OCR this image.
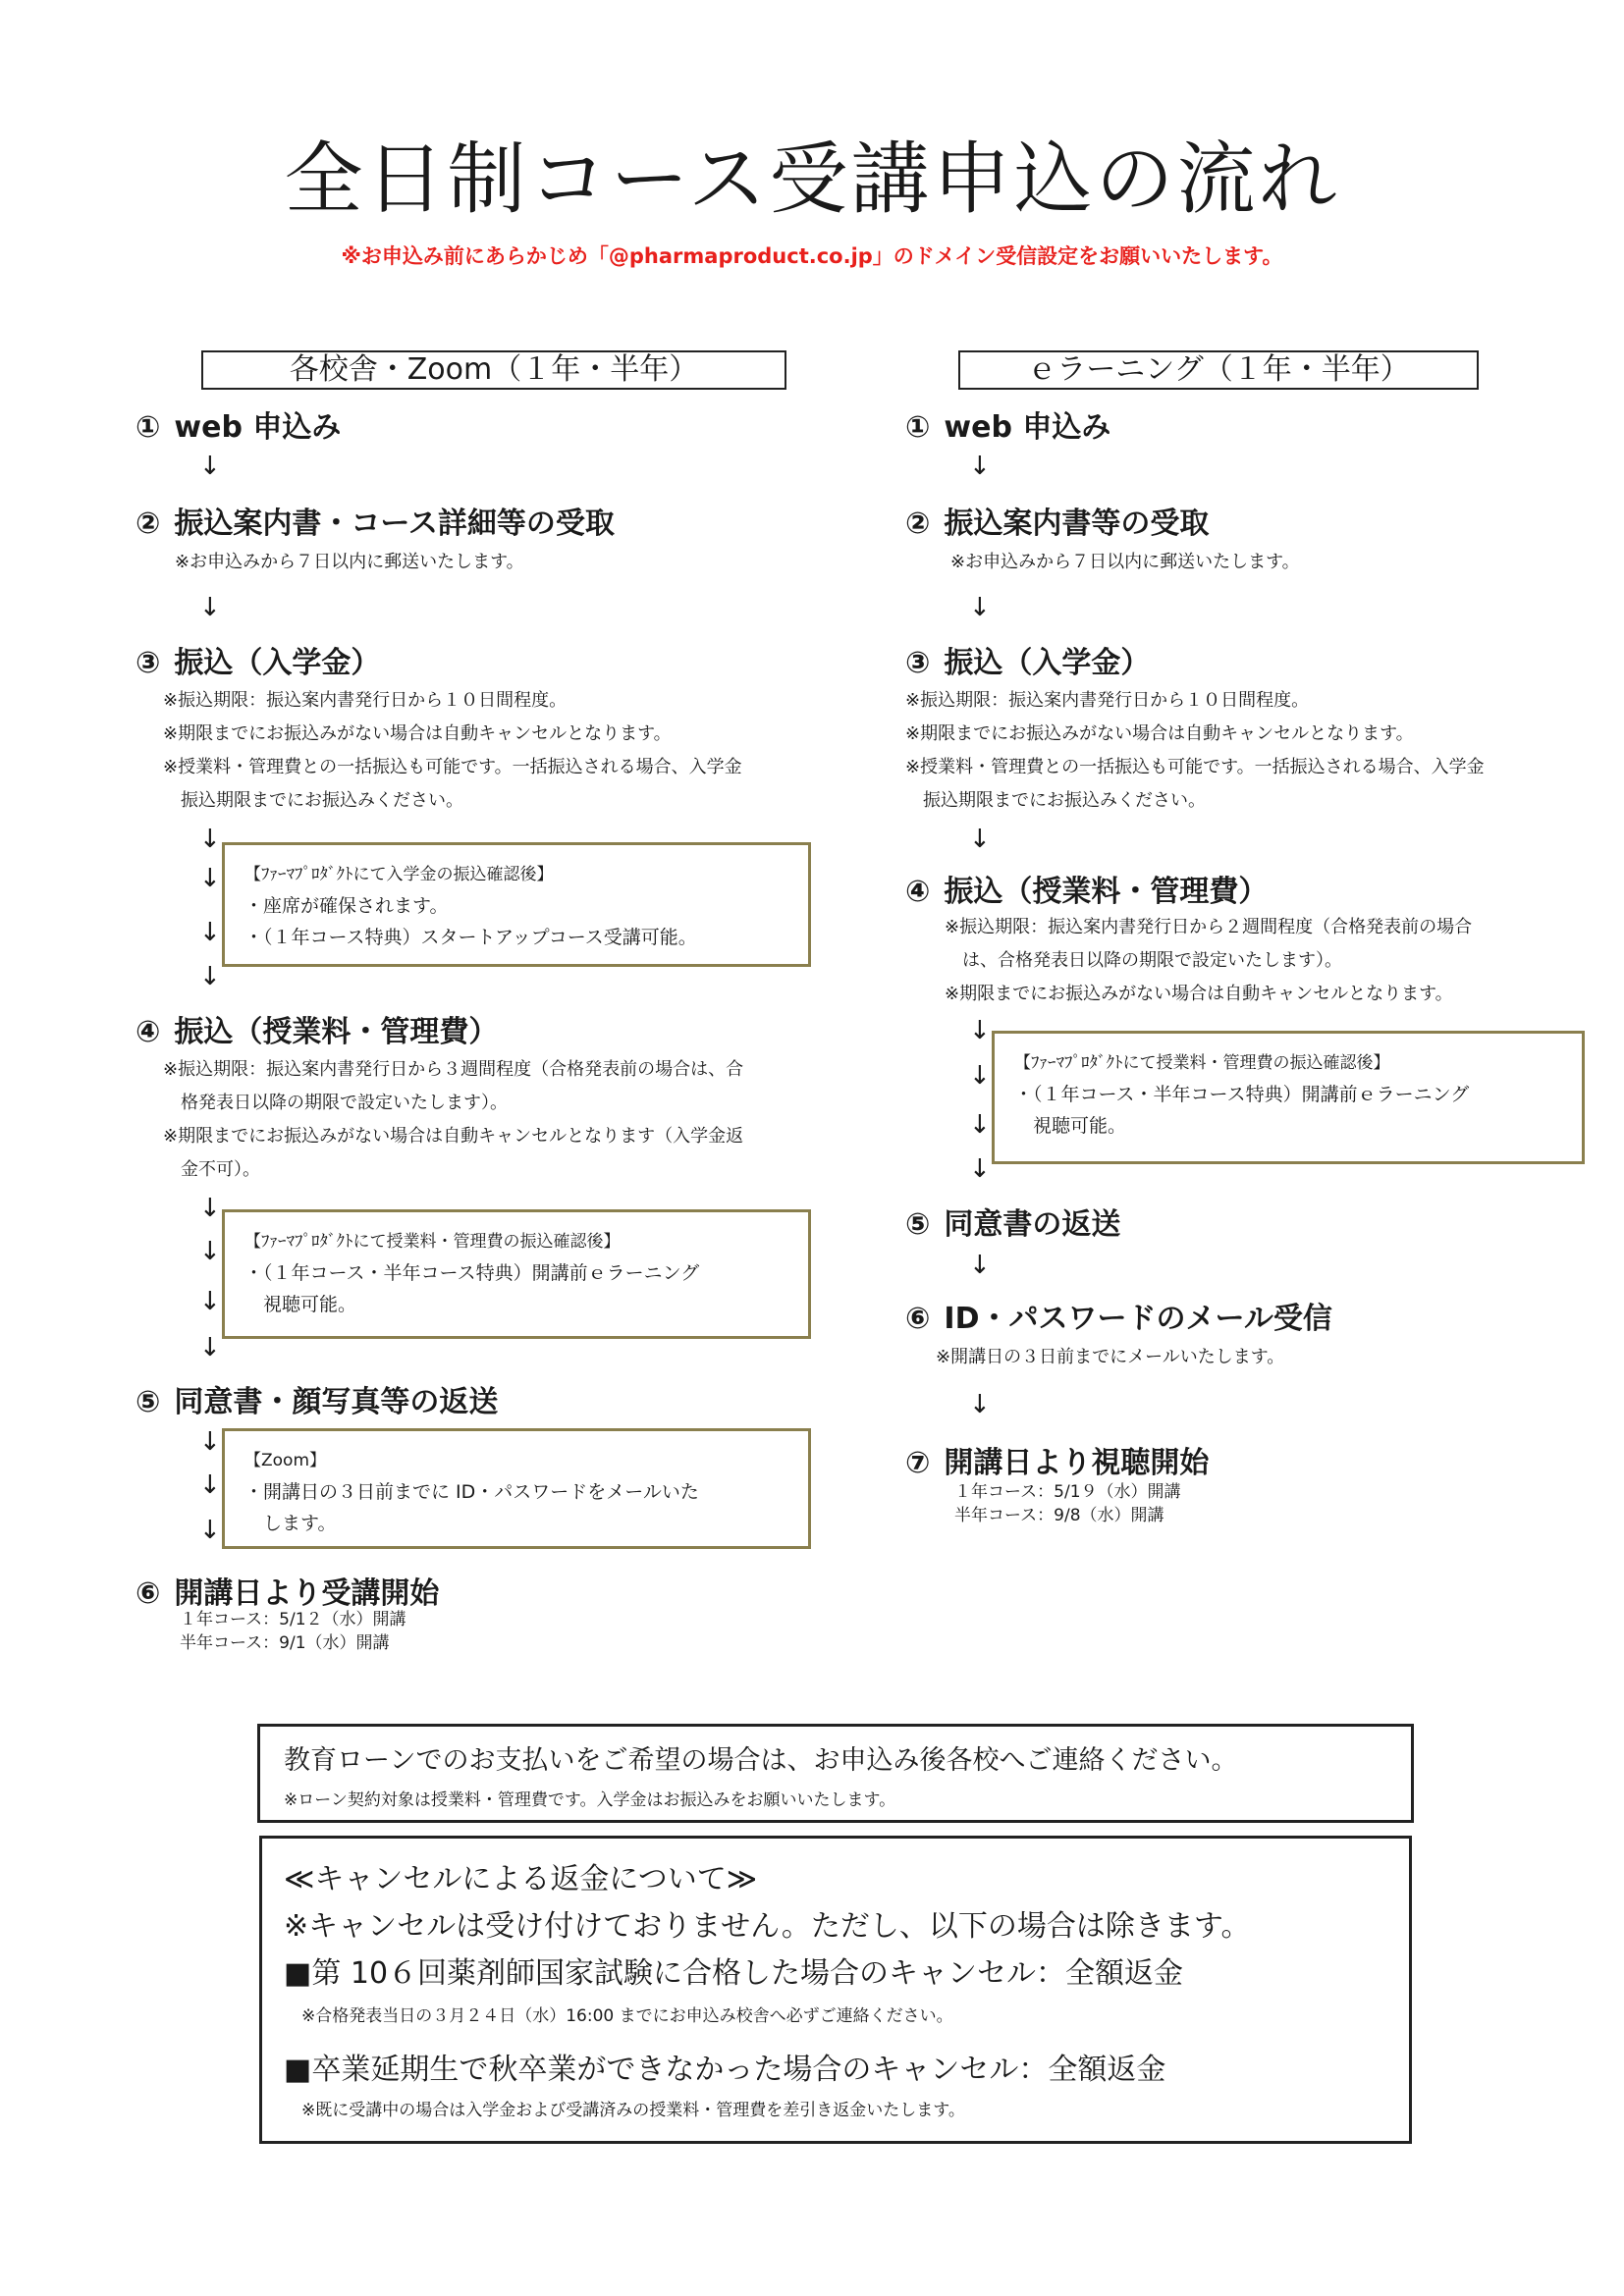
全日制コース受講申込の流れ
※お申込み前にあらかじめ「@pharmaproduct.co.jp」のドメイン受信設定をお願いいたします。
各校舎・Zoom（１年・半年）
① web 申込み
↓
② 振込案内書・コース詳細等の受取
※お申込みから７日以内に郵送いたします。
↓
③ 振込（入学金）
※振込期限：振込案内書発行日から１０日間程度。
※期限までにお振込みがない場合は自動キャンセルとなります。
※授業料・管理費との一括振込も可能です。一括振込される場合、入学金
　振込期限までにお振込みください。
↓
↓
↓
↓
【ﾌｧｰﾏﾌﾟﾛﾀﾞｸﾄにて入学金の振込確認後】
・座席が確保されます。
・（１年コース特典）スタートアップコース受講可能。
④ 振込（授業料・管理費）
※振込期限：振込案内書発行日から３週間程度（合格発表前の場合は、合
　格発表日以降の期限で設定いたします）。
※期限までにお振込みがない場合は自動キャンセルとなります（入学金返
　金不可）。
↓
↓
↓
↓
【ﾌｧｰﾏﾌﾟﾛﾀﾞｸﾄにて授業料・管理費の振込確認後】
・（１年コース・半年コース特典）開講前ｅラーニング
　視聴可能。
⑤ 同意書・顔写真等の返送
↓
↓
↓
【Zoom】
・開講日の３日前までに ID・パスワードをメールいた
　します。
⑥ 開講日より受講開始
１年コース：5/1２（水）開講
半年コース：9/1（水）開講
ｅラーニング（１年・半年）
① web 申込み
↓
② 振込案内書等の受取
※お申込みから７日以内に郵送いたします。
↓
③ 振込（入学金）
※振込期限：振込案内書発行日から１０日間程度。
※期限までにお振込みがない場合は自動キャンセルとなります。
※授業料・管理費との一括振込も可能です。一括振込される場合、入学金
　振込期限までにお振込みください。
↓
④ 振込（授業料・管理費）
※振込期限：振込案内書発行日から２週間程度（合格発表前の場合
　は、合格発表日以降の期限で設定いたします）。
※期限までにお振込みがない場合は自動キャンセルとなります。
↓
↓
↓
↓
【ﾌｧｰﾏﾌﾟﾛﾀﾞｸﾄにて授業料・管理費の振込確認後】
・（１年コース・半年コース特典）開講前ｅラーニング
　視聴可能。
⑤ 同意書の返送
↓
⑥ ID・パスワードのメール受信
※開講日の３日前までにメールいたします。
↓
⑦ 開講日より視聴開始
１年コース：5/1９（水）開講
半年コース：9/8（水）開講
教育ローンでのお支払いをご希望の場合は、お申込み後各校へご連絡ください。
※ローン契約対象は授業料・管理費です。入学金はお振込みをお願いいたします。
≪キャンセルによる返金について≫
※キャンセルは受け付けておりません。ただし、以下の場合は除きます。
■第 10６回薬剤師国家試験に合格した場合のキャンセル：全額返金
※合格発表当日の３月２４日（水）16:00 までにお申込み校舎へ必ずご連絡ください。
■卒業延期生で秋卒業ができなかった場合のキャンセル：全額返金
※既に受講中の場合は入学金および受講済みの授業料・管理費を差引き返金いたします。
